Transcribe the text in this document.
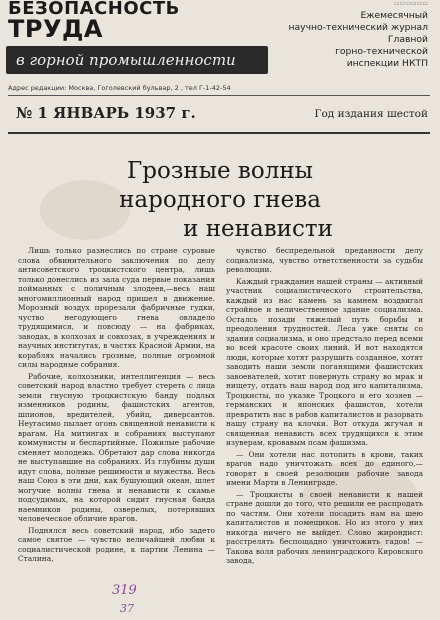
▭▭▭▭▭▭
БЕЗОПАСНОСТЬ
ТРУДА
в горной промышленности
Ежемесячный
научно-технический журнал
Главной
горно-технической
инспекции НКТП
Адрес редакции: Москва, Гоголевский бульвар, 2 , тел Г-1-42-54
№ 1 ЯНВАРЬ 1937 г.	Год издания шестой
Грозные волны
народного гнева
и ненависти

Лишь только разнеслись по стране суровые слова обвинительного заключения по делу антисоветского троцкистского центра, лишь только донеслись из зала суда первые показания пойманных с поличным злодеев,—весь наш многомиллионный народ пришел в движение. Морозный воздух прорезали фабричные гудки, чуство негодующего гнева овладело трудящимися, и повсюду — на фабриках, заводах, в колхозах и совхозах, в учреждениях и научных институтах, в частях Красной Армии, на кораблях начались грозные, полные огромной силы народные собрания.

Рабочие, колхозники, интеллигенция — весь советский народ властно требует стереть с лица земли гнусную троцкистскую банду подлых изменников родины, фашистских агентов, шпионов, вредителей, убийц, диверсантов. Неугасимо пылает огонь священной ненависти к врагам. На митингах и собраниях выступают коммунисты и беспартийные. Пожилые рабочие сменяет молодежь. Обретают дар слова никогда не выступавшие на собраниях. Из глубины души идут слова, полные решимости и мужества. Весь наш Союз в эти дни, как бушующий океан, шлет могучие волны гнева и ненависти к скамье подсудимых, на которой сидит гнусная банда наемников родины, озверелых, потерявших человеческое обличие врагов.

Поднялся весь советский народ, ибо задето самое святое — чувство величайшей любви к социалистической родине, к партии Ленина — Сталина,

чувство беспредельной преданности делу социализма, чувство ответственности за судьбы революции.

Каждый гражданин нашей страны — активный участник социалистического строительства, каждый из нас камень за камнем воздвигал стройное и величественное здание социализма. Осталсь позади тяжелый путь борьбы и преодоления трудностей. Леса уже сняты со здания социализма, и оно предстало перед всеми во всей красоте своих линий. И вот находятся люди, которые хотят разрушить созданное, хотят заводить наши земли поганящими фашистских завоевателей, хотят повернуть страну во мрак и нищету, отдать наш народ под иго капитализма. Троцкисты, по указке Троцкого и его хозяев — германских и японских фашистов, хотели превратить нас в рабов капиталистов и разорвать нашу страну на клочки. Вот откуда жгучая и священная ненависть всех трудящихся к этим изуверам, кровавым псам фашизма.

— Они хотели нас потопить в крови, таких врагов надо уничтожать всех до единого,— говорят в своей резолюции рабочие завода имени Марти в Ленинграде.

— Троцкисты в своей ненависти к нашей стране дошли до того, что решили ее распродать по частям. Они хотели посадить нам на шею капиталистов и помещиков. Но из этого у них никогда ничего не выйдет. Слово жирондист: расстрелять беспощадно уничтожить гадов! — Такова воля рабочих ленинградского Кировского завода,

319
37
